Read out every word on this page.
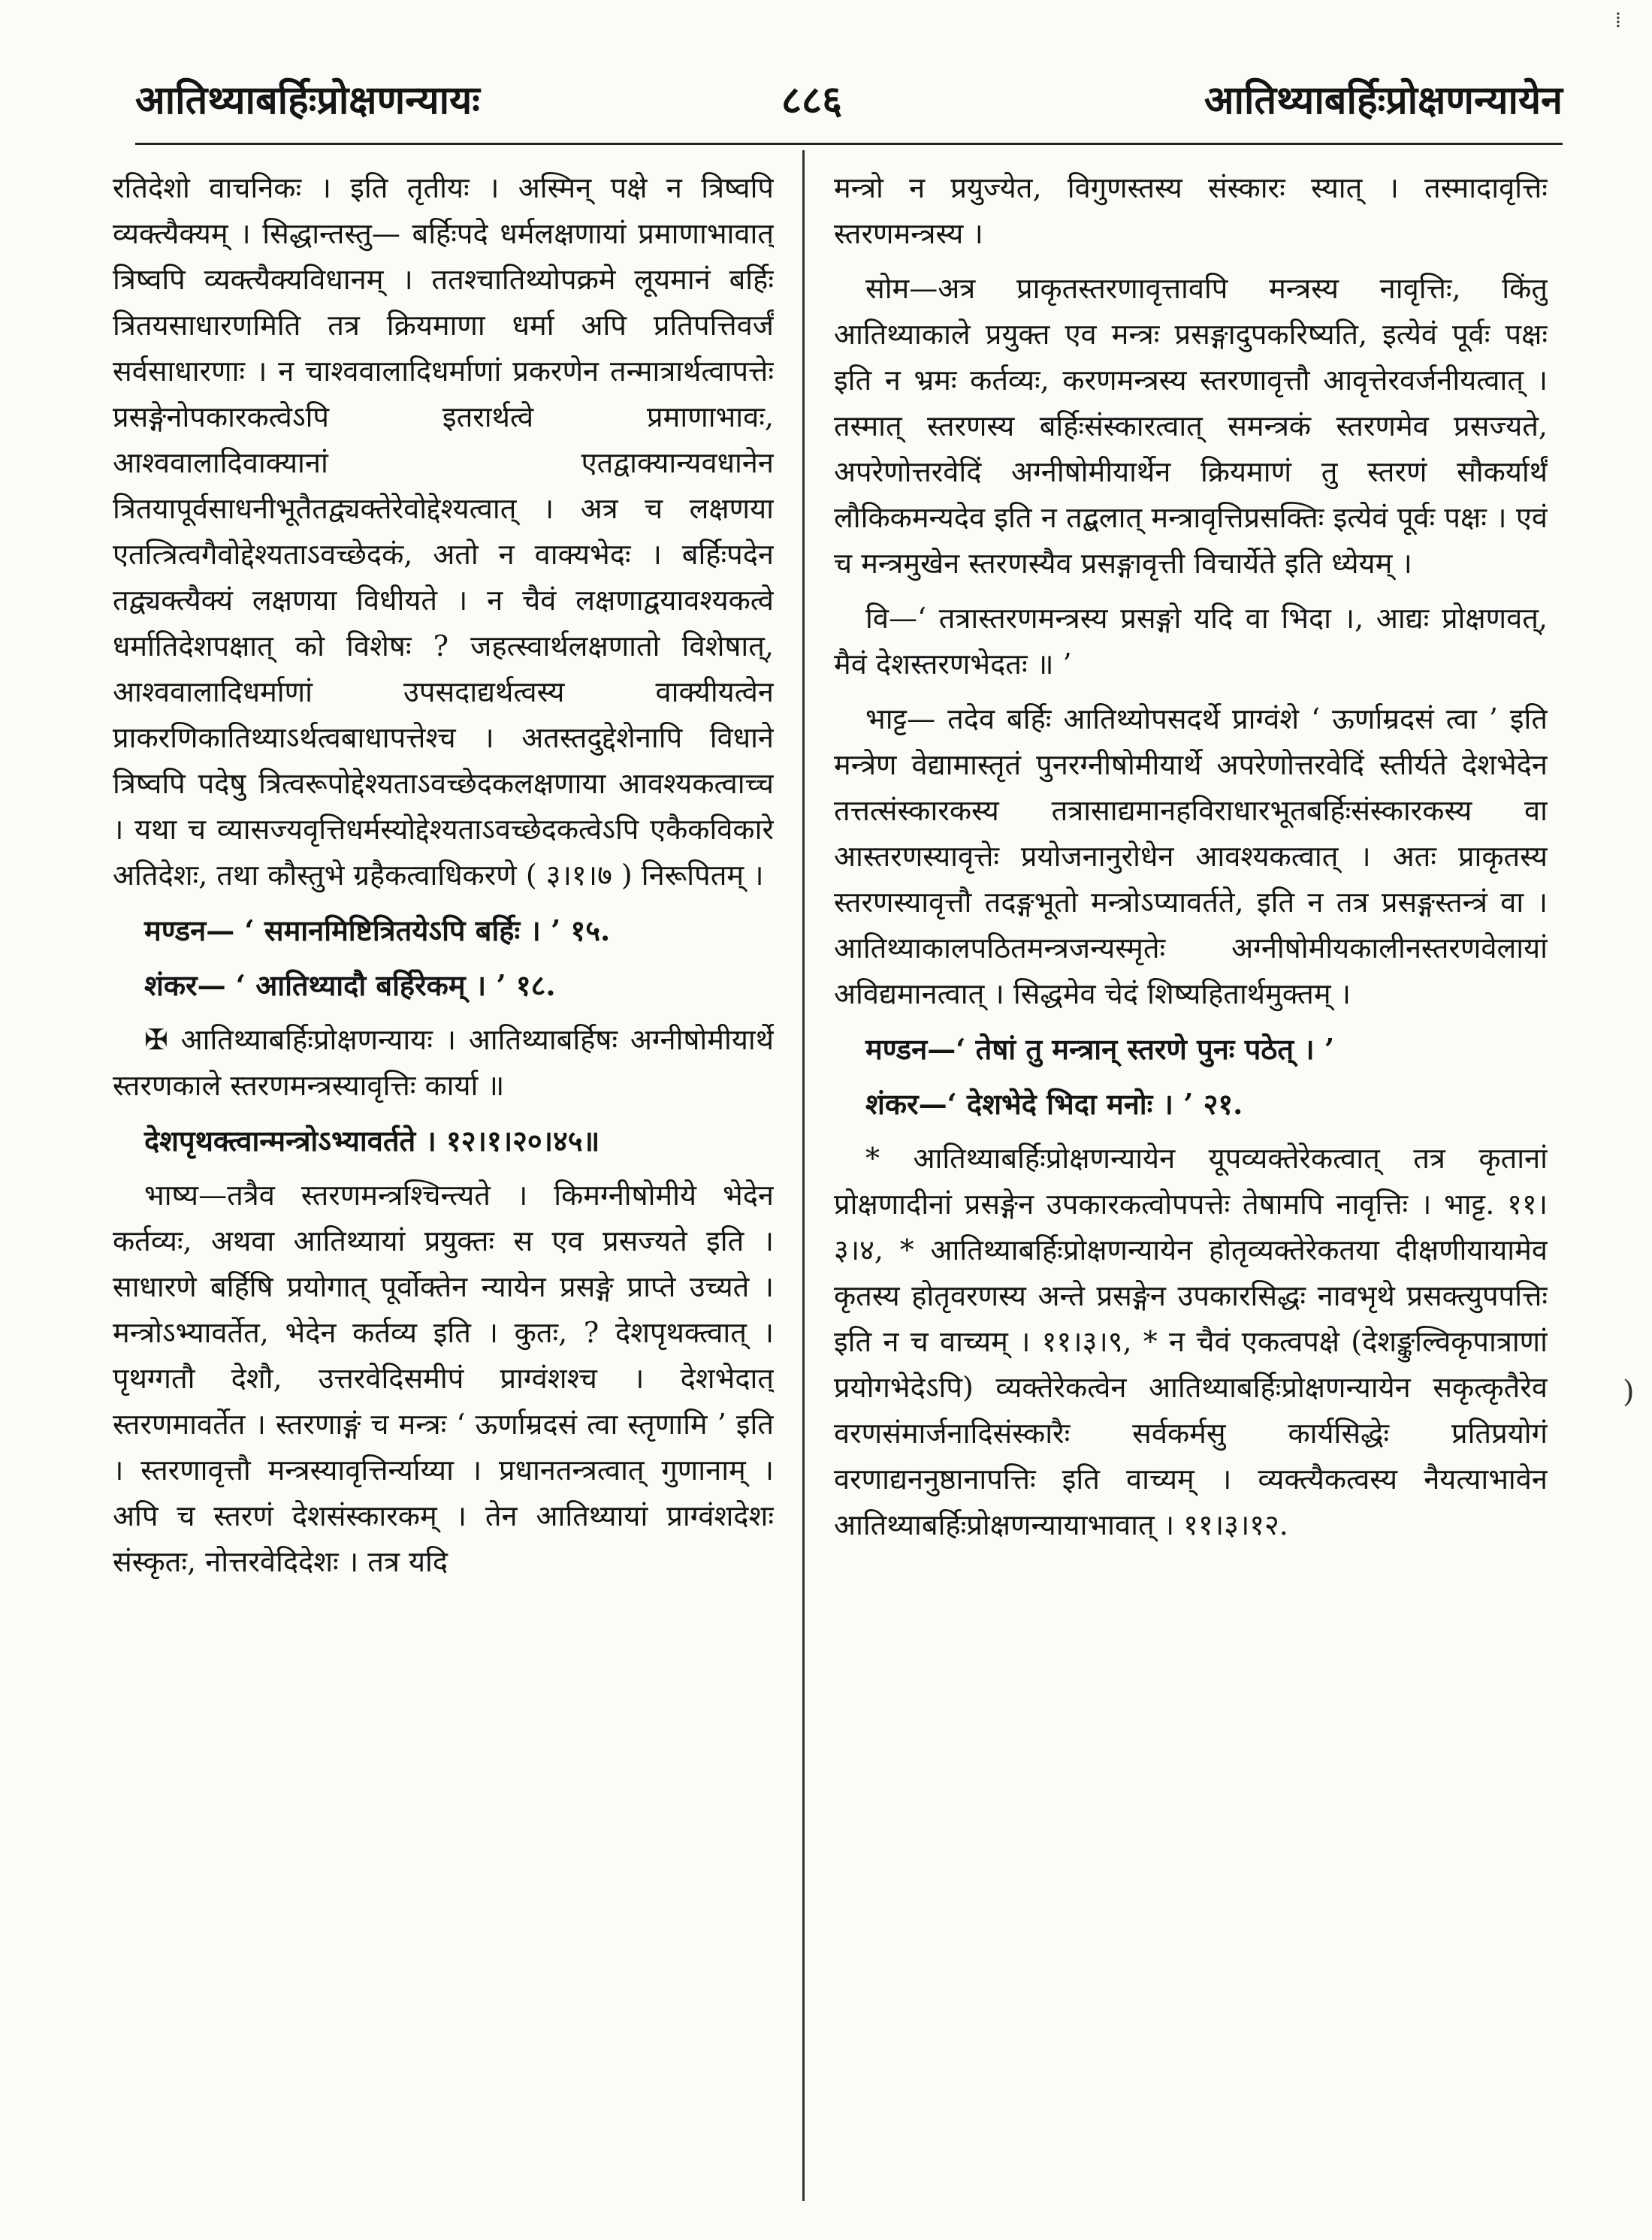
⁞
आतिथ्याबर्हिःप्रोक्षणन्यायः	८८६	आतिथ्याबर्हिःप्रोक्षणन्यायेन

रतिदेशो वाचनिकः । इति तृतीयः । अस्मिन् पक्षे न त्रिष्वपि व्यक्त्यैक्यम् । सिद्धान्तस्तु— बर्हिःपदे धर्मलक्षणायां प्रमाणाभावात् त्रिष्वपि व्यक्त्यैक्यविधानम् । ततश्चातिथ्योपक्रमे लूयमानं बर्हिः त्रितयसाधारणमिति तत्र क्रियमाणा धर्मा अपि प्रतिपत्तिवर्जं सर्वसाधारणाः । न चाश्ववालादिधर्माणां प्रकरणेन तन्मात्रार्थत्वापत्तेः प्रसङ्गेनोपकारकत्वेऽपि इतरार्थत्वे प्रमाणाभावः, आश्ववालादिवाक्यानां एतद्वाक्यान्यवधानेन त्रितयापूर्वसाधनीभूतैतद्व्यक्तेरेवोद्देश्यत्वात् । अत्र च लक्षणया एतत्त्रित्वगैवोद्देश्यताऽवच्छेदकं, अतो न वाक्यभेदः । बर्हिःपदेन तद्व्यक्त्यैक्यं लक्षणया विधीयते । न चैवं लक्षणाद्वयावश्यकत्वे धर्मातिदेशपक्षात् को विशेषः ? जहत्स्वार्थलक्षणातो विशेषात्, आश्ववालादिधर्माणां उपसदाद्यर्थत्वस्य वाक्यीयत्वेन प्राकरणिकातिथ्याऽर्थत्वबाधापत्तेश्च । अतस्तदुद्देशेनापि विधाने त्रिष्वपि पदेषु त्रित्वरूपोद्देश्यताऽवच्छेदकलक्षणाया आवश्यकत्वाच्च । यथा च व्यासज्यवृत्तिधर्मस्योद्देश्यताऽवच्छेदकत्वेऽपि एकैकविकारे अतिदेशः, तथा कौस्तुभे ग्रहैकत्वाधिकरणे ( ३।१।७ ) निरूपितम् ।

मण्डन— ‘ समानमिष्टित्रितयेऽपि बर्हिः । ’ १५.

शंकर— ‘ आतिथ्यादौ बर्हिरेकम् । ’ १८.

✠ आतिथ्याबर्हिःप्रोक्षणन्यायः । आतिथ्याबर्हिषः अग्नीषोमीयार्थे स्तरणकाले स्तरणमन्त्रस्यावृत्तिः कार्या ॥

देशपृथक्त्वान्मन्त्रोऽभ्यावर्तते । १२।१।२०।४५॥

भाष्य—तत्रैव स्तरणमन्त्रश्चिन्त्यते । किमग्नीषोमीये भेदेन कर्तव्यः, अथवा आतिथ्यायां प्रयुक्तः स एव प्रसज्यते इति । साधारणे बर्हिषि प्रयोगात् पूर्वोक्तेन न्यायेन प्रसङ्गे प्राप्ते उच्यते । मन्त्रोऽभ्यावर्तेत, भेदेन कर्तव्य इति । कुतः, ? देशपृथक्त्वात् । पृथग्गतौ देशौ, उत्तरवेदिसमीपं प्राग्वंशश्च । देशभेदात् स्तरणमावर्तेत । स्तरणाङ्गं च मन्त्रः ‘ ऊर्णाम्रदसं त्वा स्तृणामि ’ इति । स्तरणावृत्तौ मन्त्रस्यावृत्तिर्न्याय्या । प्रधानतन्त्रत्वात् गुणानाम् । अपि च स्तरणं देशसंस्कारकम् । तेन आतिथ्यायां प्राग्वंशदेशः संस्कृतः, नोत्तरवेदिदेशः । तत्र यदि

मन्त्रो न प्रयुज्येत, विगुणस्तस्य संस्कारः स्यात् । तस्मादावृत्तिः स्तरणमन्त्रस्य ।

सोम—अत्र प्राकृतस्तरणावृत्तावपि मन्त्रस्य नावृत्तिः, किंतु आतिथ्याकाले प्रयुक्त एव मन्त्रः प्रसङ्गादुपकरिष्यति, इत्येवं पूर्वः पक्षः इति न भ्रमः कर्तव्यः, करणमन्त्रस्य स्तरणावृत्तौ आवृत्तेरवर्जनीयत्वात् । तस्मात् स्तरणस्य बर्हिःसंस्कारत्वात् समन्त्रकं स्तरणमेव प्रसज्यते, अपरेणोत्तरवेदिं अग्नीषोमीयार्थेन क्रियमाणं तु स्तरणं सौकर्यार्थं लौकिकमन्यदेव इति न तद्बलात् मन्त्रावृत्तिप्रसक्तिः इत्येवं पूर्वः पक्षः । एवं च मन्त्रमुखेन स्तरणस्यैव प्रसङ्गावृत्ती विचार्येते इति ध्येयम् ।

वि—‘ तत्रास्तरणमन्त्रस्य प्रसङ्गो यदि वा भिदा ।, आद्यः प्रोक्षणवत्, मैवं देशस्तरणभेदतः ॥ ’

भाट्ट— तदेव बर्हिः आतिथ्योपसदर्थे प्राग्वंशे ‘ ऊर्णाम्रदसं त्वा ’ इति मन्त्रेण वेद्यामास्तृतं पुनरग्नीषोमीयार्थे अपरेणोत्तरवेदिं स्तीर्यते देशभेदेन तत्तत्संस्कारकस्य तत्रासाद्यमानहविराधारभूतबर्हिःसंस्कारकस्य वा आस्तरणस्यावृत्तेः प्रयोजनानुरोधेन आवश्यकत्वात् । अतः प्राकृतस्य स्तरणस्यावृत्तौ तदङ्गभूतो मन्त्रोऽप्यावर्तते, इति न तत्र प्रसङ्गस्तन्त्रं वा । आतिथ्याकालपठितमन्त्रजन्यस्मृतेः अग्नीषोमीयकालीनस्तरणवेलायां अविद्यमानत्वात् । सिद्धमेव चेदं शिष्यहितार्थमुक्तम् ।

मण्डन—‘ तेषां तु मन्त्रान् स्तरणे पुनः पठेत् । ’

शंकर—‘ देशभेदे भिदा मनोः । ’ २१.

* आतिथ्याबर्हिःप्रोक्षणन्यायेन यूपव्यक्तेरेकत्वात् तत्र कृतानां प्रोक्षणादीनां प्रसङ्गेन उपकारकत्वोपपत्तेः तेषामपि नावृत्तिः । भाट्ट. ११।३।४, * आतिथ्याबर्हिःप्रोक्षणन्यायेन होतृव्यक्तेरेकतया दीक्षणीयायामेव कृतस्य होतृवरणस्य अन्ते प्रसङ्गेन उपकारसिद्धः नावभृथे प्रसक्त्युपपत्तिः इति न च वाच्यम् । ११।३।९, * न चैवं एकत्वपक्षे (देशङ्कुल्विकृपात्राणां प्रयोगभेदेऽपि) व्यक्तेरेकत्वेन आतिथ्याबर्हिःप्रोक्षणन्यायेन सकृत्कृतैरेव वरणसंमार्जनादिसंस्कारैः सर्वकर्मसु कार्यसिद्धेः प्रतिप्रयोगं वरणाद्यननुष्ठानापत्तिः इति वाच्यम् । व्यक्त्यैकत्वस्य नैयत्याभावेन आतिथ्याबर्हिःप्रोक्षणन्यायाभावात् । ११।३।१२.

)
